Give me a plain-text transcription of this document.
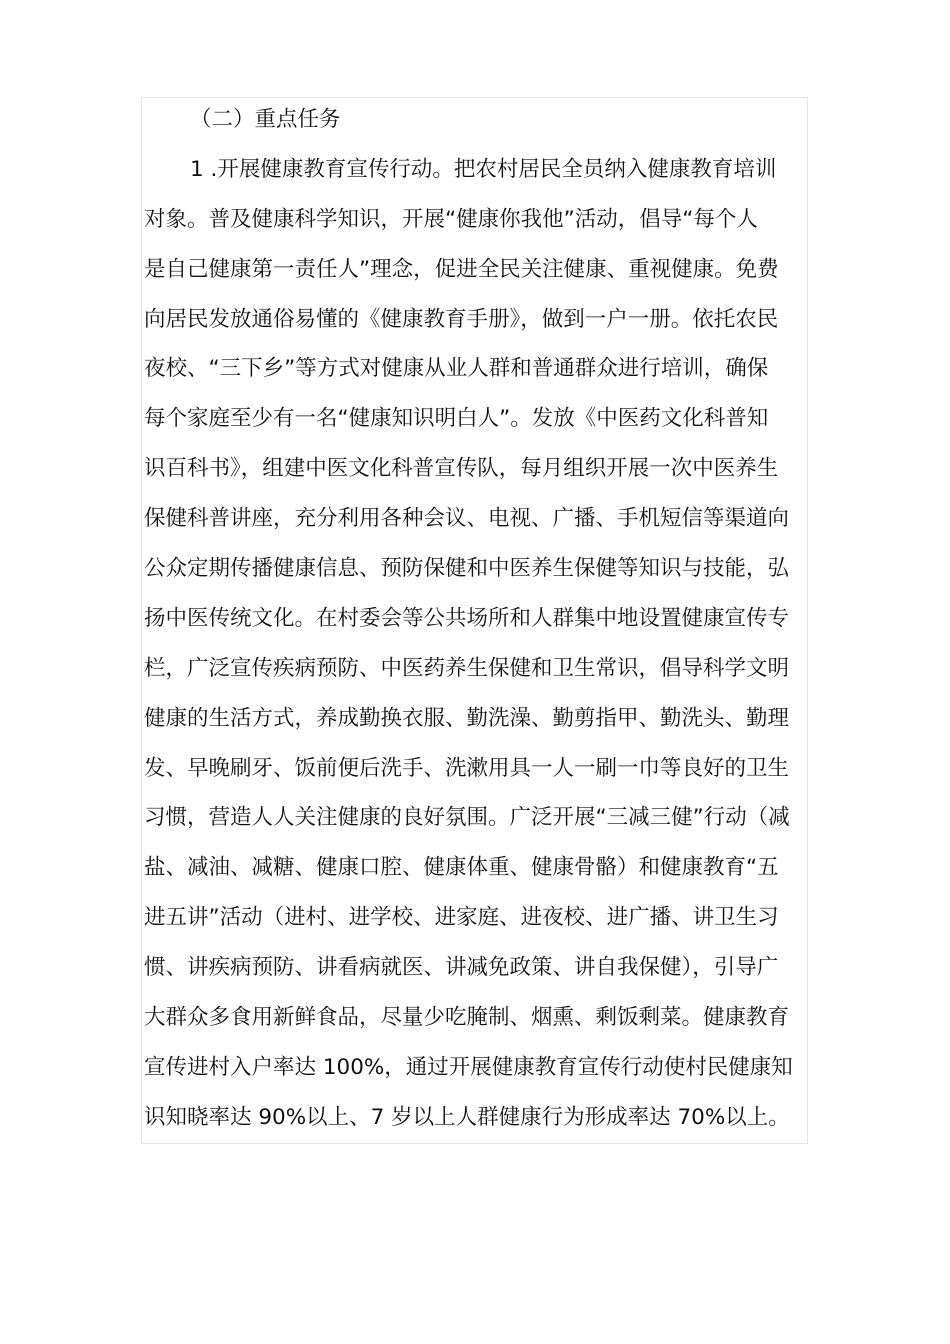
（二）重点任务
1 .开展健康教育宣传行动。把农村居民全员纳入健康教育培训
对象。普及健康科学知识，开展“健康你我他”活动，倡导“每个人
是自己健康第一责任人”理念，促进全民关注健康、重视健康。免费
向居民发放通俗易懂的《健康教育手册》，做到一户一册。依托农民
夜校、“三下乡”等方式对健康从业人群和普通群众进行培训，确保
每个家庭至少有一名“健康知识明白人”。发放《中医药文化科普知
识百科书》，组建中医文化科普宣传队，每月组织开展一次中医养生
保健科普讲座，充分利用各种会议、电视、广播、手机短信等渠道向
公众定期传播健康信息、预防保健和中医养生保健等知识与技能，弘
扬中医传统文化。在村委会等公共场所和人群集中地设置健康宣传专
栏，广泛宣传疾病预防、中医药养生保健和卫生常识，倡导科学文明
健康的生活方式，养成勤换衣服、勤洗澡、勤剪指甲、勤洗头、勤理
发、早晚刷牙、饭前便后洗手、洗漱用具一人一刷一巾等良好的卫生
习惯，营造人人关注健康的良好氛围。广泛开展“三减三健”行动（减
盐、减油、减糖、健康口腔、健康体重、健康骨骼）和健康教育“五
进五讲”活动（进村、进学校、进家庭、进夜校、进广播、讲卫生习
惯、讲疾病预防、讲看病就医、讲减免政策、讲自我保健），引导广
大群众多食用新鲜食品，尽量少吃腌制、烟熏、剩饭剩菜。健康教育
宣传进村入户率达 100%，通过开展健康教育宣传行动使村民健康知
识知晓率达 90%以上、7 岁以上人群健康行为形成率达 70%以上。
